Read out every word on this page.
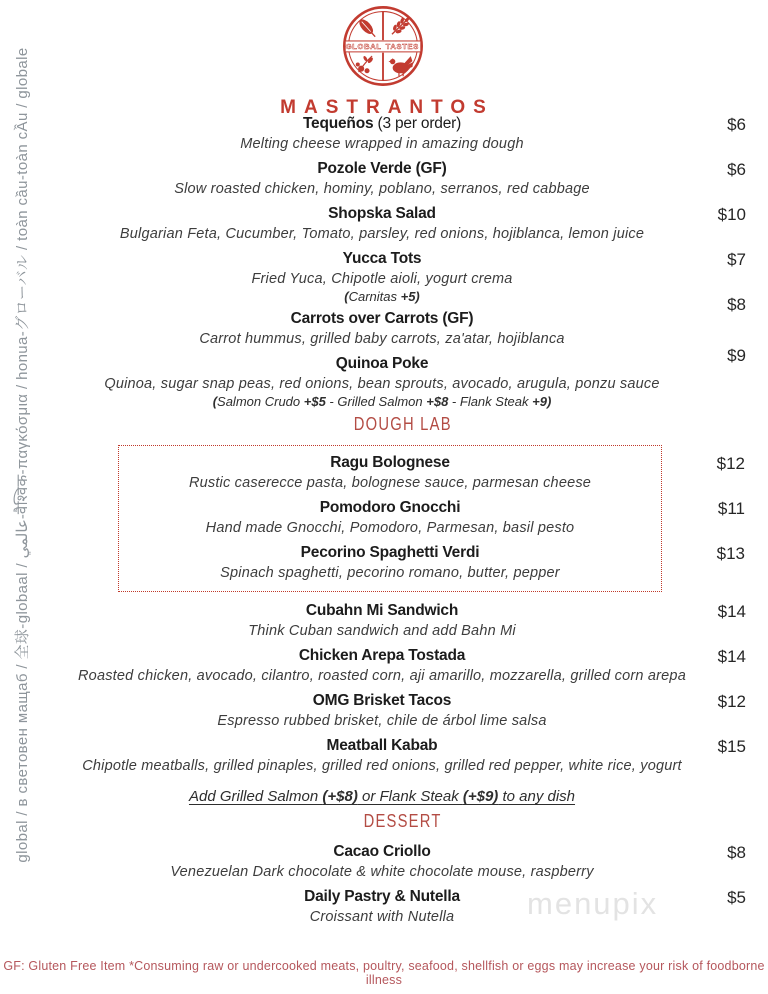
global / в световен мащаб / 全球-globaal / عالمي-वैश्विक-παγκόσμια / honua-グローバル / toàn cầu-toàn cẦu / globale
GLOBAL TASTES
MASTRANTOS
Tequeños (3 per order)
Melting cheese wrapped in amazing dough
$6
Pozole Verde (GF)
Slow roasted chicken, hominy, poblano, serranos, red cabbage
$6
Shopska Salad
Bulgarian Feta, Cucumber, Tomato, parsley, red onions, hojiblanca, lemon juice
$10
Yucca Tots
Fried Yuca, Chipotle aioli, yogurt crema
(Carnitas +5)
$7
Carrots over Carrots (GF)
Carrot hummus, grilled baby carrots, za'atar, hojiblanca
$8
Quinoa Poke
Quinoa, sugar snap peas, red onions, bean sprouts, avocado, arugula, ponzu sauce
(Salmon Crudo +$5 - Grilled Salmon +$8 - Flank Steak +9)
$9
DOUGH LAB
Ragu Bolognese
Rustic caserecce pasta, bolognese sauce, parmesan cheese
$12
Pomodoro Gnocchi
Hand made Gnocchi, Pomodoro, Parmesan, basil pesto
$11
Pecorino Spaghetti Verdi
Spinach spaghetti, pecorino romano, butter, pepper
$13
Cubahn Mi Sandwich
Think Cuban sandwich and add Bahn Mi
$14
Chicken Arepa Tostada
Roasted chicken, avocado, cilantro, roasted corn, aji amarillo, mozzarella, grilled corn arepa
$14
OMG Brisket Tacos
Espresso rubbed brisket, chile de árbol lime salsa
$12
Meatball Kabab
Chipotle meatballs, grilled pinaples, grilled red onions, grilled red pepper, white rice, yogurt
$15
Add Grilled Salmon (+$8) or Flank Steak (+$9) to any dish
DESSERT
Cacao Criollo
Venezuelan Dark chocolate & white chocolate mouse, raspberry
$8
Daily Pastry & Nutella
Croissant with Nutella
$5
menupix
GF: Gluten Free Item *Consuming raw or undercooked meats, poultry, seafood, shellfish or eggs may increase your risk of foodborne illness
